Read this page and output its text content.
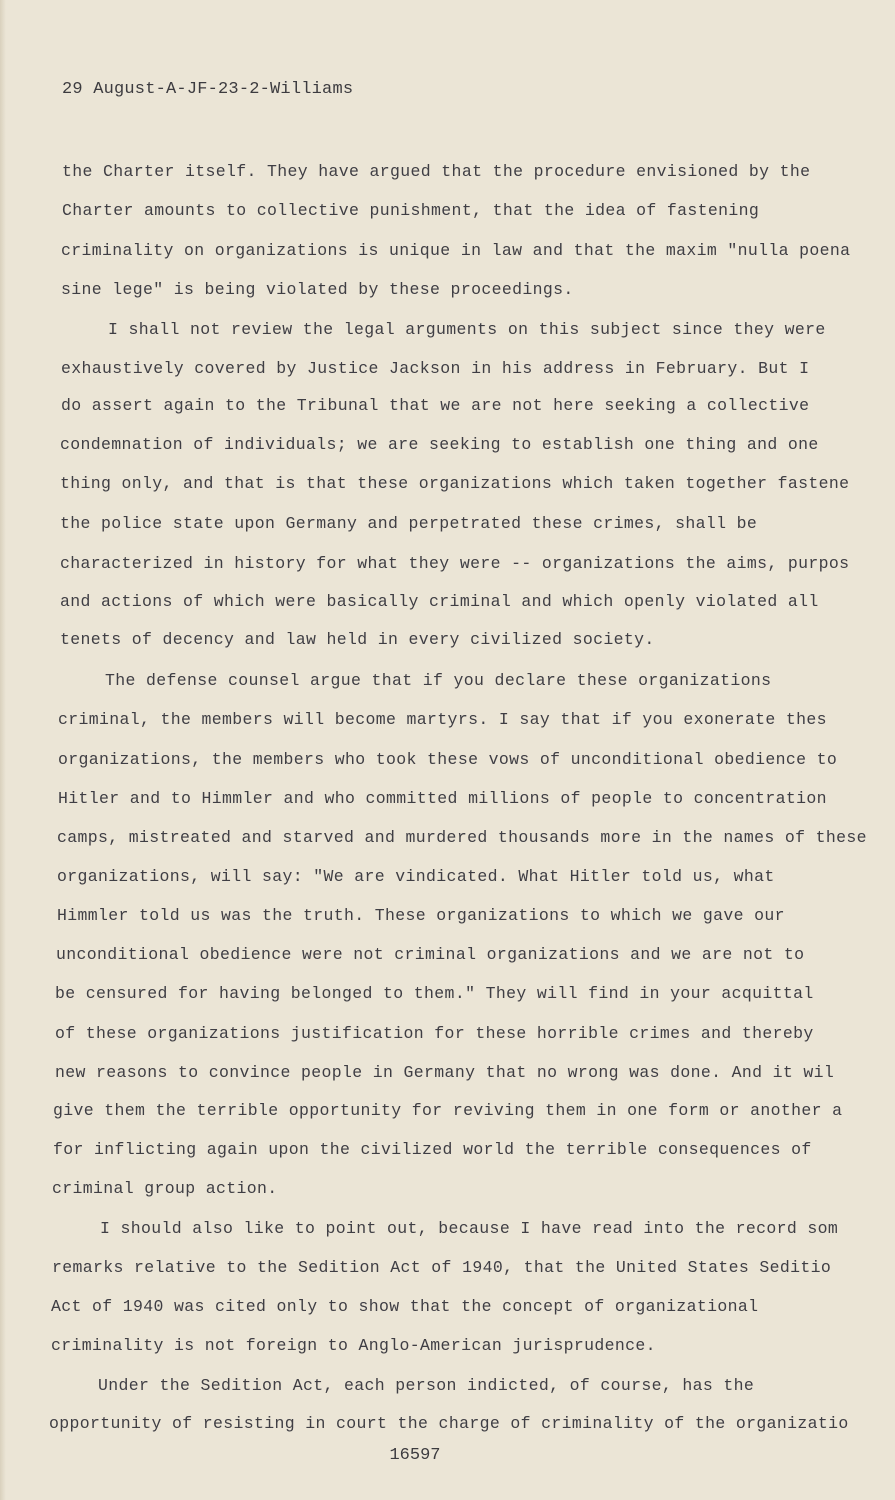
29 August-A-JF-23-2-Williams
the Charter itself. They have argued that the procedure envisioned by the
Charter amounts to collective punishment, that the idea of fastening
criminality on organizations is unique in law and that the maxim "nulla poena
sine lege" is being violated by these proceedings.
I shall not review the legal arguments on this subject since they were
exhaustively covered by Justice Jackson in his address in February. But I
do assert again to the Tribunal that we are not here seeking a collective
condemnation of individuals; we are seeking to establish one thing and one
thing only, and that is that these organizations which taken together fastene
the police state upon Germany and perpetrated these crimes, shall be
characterized in history for what they were -- organizations the aims, purpos
and actions of which were basically criminal and which openly violated all
tenets of decency and law held in every civilized society.
The defense counsel argue that if you declare these organizations
criminal, the members will become martyrs. I say that if you exonerate thes
organizations, the members who took these vows of unconditional obedience to
Hitler and to Himmler and who committed millions of people to concentration
camps, mistreated and starved and murdered thousands more in the names of these
organizations, will say: "We are vindicated. What Hitler told us, what
Himmler told us was the truth. These organizations to which we gave our
unconditional obedience were not criminal organizations and we are not to
be censured for having belonged to them." They will find in your acquittal
of these organizations justification for these horrible crimes and thereby
new reasons to convince people in Germany that no wrong was done. And it wil
give them the terrible opportunity for reviving them in one form or another a
for inflicting again upon the civilized world the terrible consequences of
criminal group action.
I should also like to point out, because I have read into the record som
remarks relative to the Sedition Act of 1940, that the United States Seditio
Act of 1940 was cited only to show that the concept of organizational
criminality is not foreign to Anglo-American jurisprudence.
Under the Sedition Act, each person indicted, of course, has the
opportunity of resisting in court the charge of criminality of the organizatio
16597
